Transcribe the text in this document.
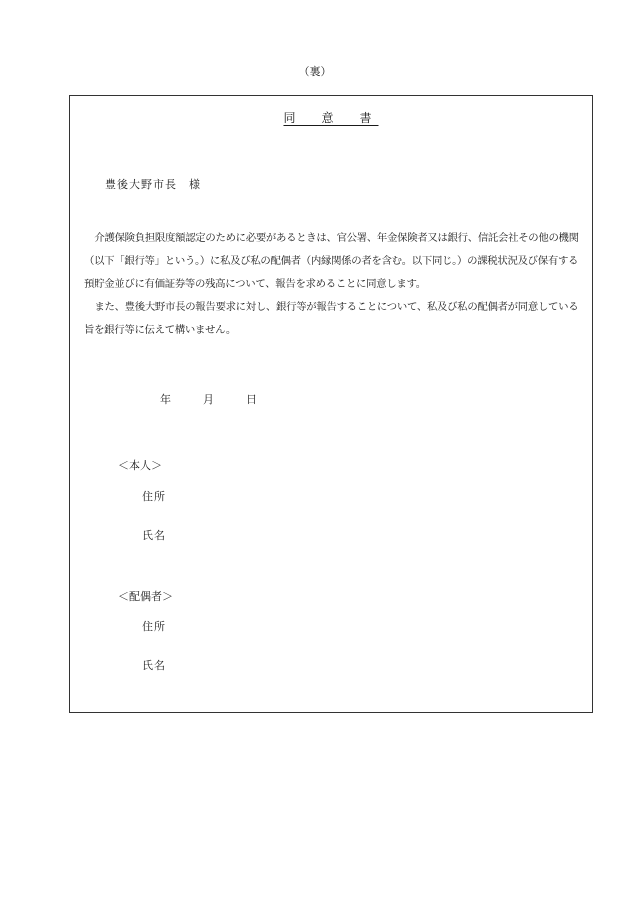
（裏）
同　意　書
豊後大野市長　様

介護保険負担限度額認定のために必要があるときは、官公署、年金保険者又は銀行、信託会社その他の機関（以下「銀行等」という。）に私及び私の配偶者（内縁関係の者を含む。以下同じ。）の課税状況及び保有する預貯金並びに有価証券等の残高について、報告を求めることに同意します。

また、豊後大野市長の報告要求に対し、銀行等が報告することについて、私及び私の配偶者が同意している旨を銀行等に伝えて構いません。

年	月	日
＜本人＞
住所
氏名
＜配偶者＞
住所
氏名
